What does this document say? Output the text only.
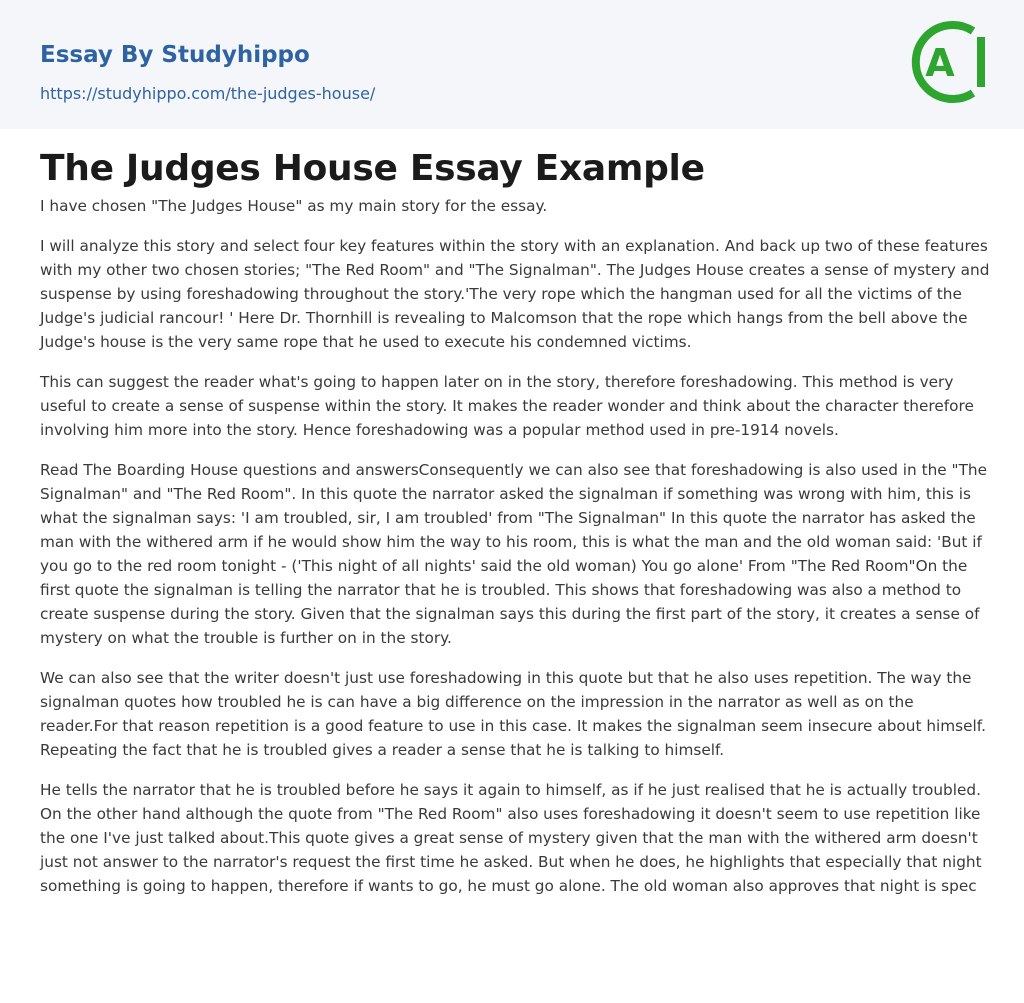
Essay By Studyhippo
https://studyhippo.com/the-judges-house/
A
The Judges House Essay Example

I have chosen "The Judges House" as my main story for the essay.

I will analyze this story and select four key features within the story with an explanation. And back up two of these features with my other two chosen stories; "The Red Room" and "The Signalman". The Judges House creates a sense of mystery and suspense by using foreshadowing throughout the story.'The very rope which the hangman used for all the victims of the Judge's judicial rancour! ' Here Dr. Thornhill is revealing to Malcomson that the rope which hangs from the bell above the Judge's house is the very same rope that he used to execute his condemned victims.

This can suggest the reader what's going to happen later on in the story, therefore foreshadowing. This method is very useful to create a sense of suspense within the story. It makes the reader wonder and think about the character therefore involving him more into the story. Hence foreshadowing was a popular method used in pre-1914 novels.

Read The Boarding House questions and answersConsequently we can also see that foreshadowing is also used in the "The Signalman" and "The Red Room". In this quote the narrator asked the signalman if something was wrong with him, this is what the signalman says: 'I am troubled, sir, I am troubled' from "The Signalman" In this quote the narrator has asked the man with the withered arm if he would show him the way to his room, this is what the man and the old woman said: 'But if you go to the red room tonight - ('This night of all nights' said the old woman) You go alone' From "The Red Room"On the first quote the signalman is telling the narrator that he is troubled. This shows that foreshadowing was also a method to create suspense during the story. Given that the signalman says this during the first part of the story, it creates a sense of mystery on what the trouble is further on in the story.

We can also see that the writer doesn't just use foreshadowing in this quote but that he also uses repetition. The way the signalman quotes how troubled he is can have a big difference on the impression in the narrator as well as on the reader.For that reason repetition is a good feature to use in this case. It makes the signalman seem insecure about himself. Repeating the fact that he is troubled gives a reader a sense that he is talking to himself.

He tells the narrator that he is troubled before he says it again to himself, as if he just realised that he is actually troubled. On the other hand although the quote from "The Red Room" also uses foreshadowing it doesn't seem to use repetition like the one I've just talked about.This quote gives a great sense of mystery given that the man with the withered arm doesn't just not answer to the narrator's request the first time he asked. But when he does, he highlights that especially that night something is going to happen, therefore if wants to go, he must go alone. The old woman also approves that night is spec
